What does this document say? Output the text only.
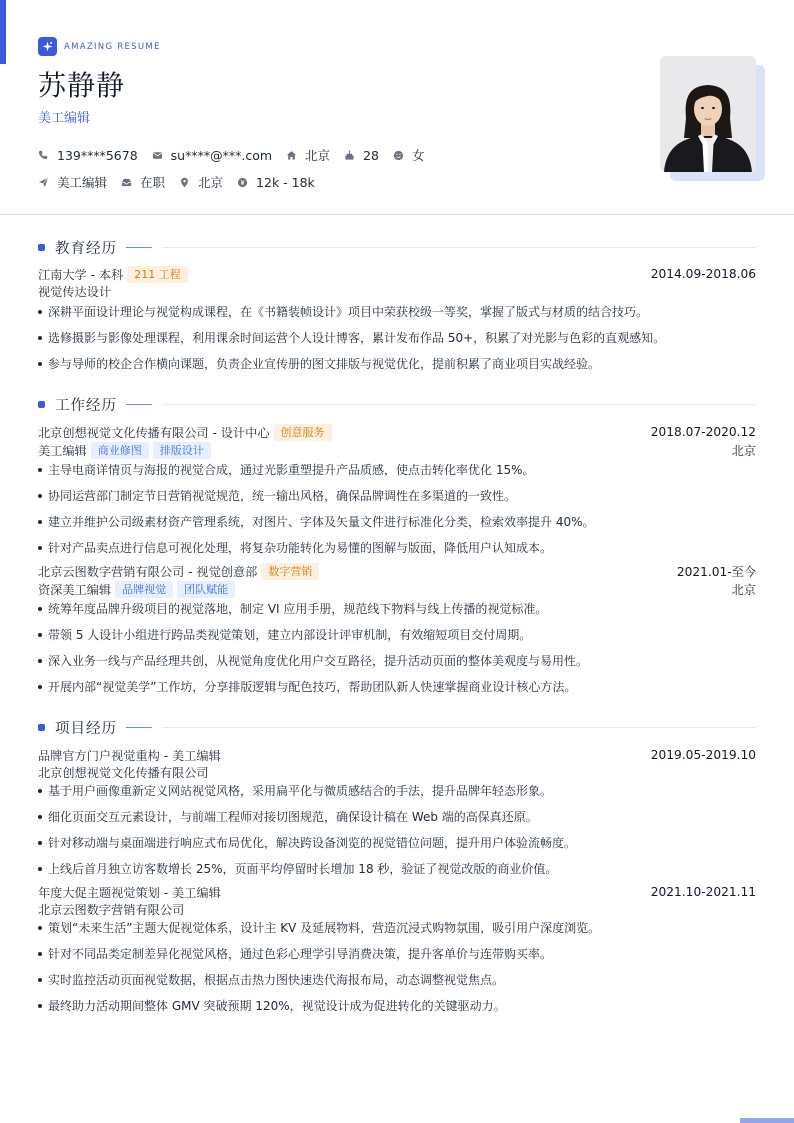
AMAZING RESUME
苏静静
美工编辑
139****5678	su****@***.com	北京	28	女
美工编辑	在职	北京	12k - 18k
教育经历
江南大学 - 本科	211 工程	2014.09-2018.06
视觉传达设计
深耕平面设计理论与视觉构成课程，在《书籍装帧设计》项目中荣获校级一等奖，掌握了版式与材质的结合技巧。
选修摄影与影像处理课程，利用课余时间运营个人设计博客，累计发布作品 50+，积累了对光影与色彩的直观感知。
参与导师的校企合作横向课题，负责企业宣传册的图文排版与视觉优化，提前积累了商业项目实战经验。
工作经历
北京创想视觉文化传播有限公司 - 设计中心	创意服务	2018.07-2020.12
美工编辑	商业修图	排版设计	北京
主导电商详情页与海报的视觉合成，通过光影重塑提升产品质感，使点击转化率优化 15%。
协同运营部门制定节日营销视觉规范，统一输出风格，确保品牌调性在多渠道的一致性。
建立并维护公司级素材资产管理系统，对图片、字体及矢量文件进行标准化分类，检索效率提升 40%。
针对产品卖点进行信息可视化处理，将复杂功能转化为易懂的图解与版面，降低用户认知成本。
北京云图数字营销有限公司 - 视觉创意部	数字营销	2021.01-至今
资深美工编辑	品牌视觉	团队赋能	北京
统筹年度品牌升级项目的视觉落地，制定 VI 应用手册，规范线下物料与线上传播的视觉标准。
带领 5 人设计小组进行跨品类视觉策划，建立内部设计评审机制，有效缩短项目交付周期。
深入业务一线与产品经理共创，从视觉角度优化用户交互路径，提升活动页面的整体美观度与易用性。
开展内部“视觉美学”工作坊，分享排版逻辑与配色技巧，帮助团队新人快速掌握商业设计核心方法。
项目经历
品牌官方门户视觉重构 - 美工编辑	2019.05-2019.10
北京创想视觉文化传播有限公司
基于用户画像重新定义网站视觉风格，采用扁平化与微质感结合的手法，提升品牌年轻态形象。
细化页面交互元素设计，与前端工程师对接切图规范，确保设计稿在 Web 端的高保真还原。
针对移动端与桌面端进行响应式布局优化，解决跨设备浏览的视觉错位问题，提升用户体验流畅度。
上线后首月独立访客数增长 25%，页面平均停留时长增加 18 秒，验证了视觉改版的商业价值。
年度大促主题视觉策划 - 美工编辑	2021.10-2021.11
北京云图数字营销有限公司
策划“未来生活”主题大促视觉体系，设计主 KV 及延展物料，营造沉浸式购物氛围，吸引用户深度浏览。
针对不同品类定制差异化视觉风格，通过色彩心理学引导消费决策，提升客单价与连带购买率。
实时监控活动页面视觉数据，根据点击热力图快速迭代海报布局，动态调整视觉焦点。
最终助力活动期间整体 GMV 突破预期 120%，视觉设计成为促进转化的关键驱动力。
